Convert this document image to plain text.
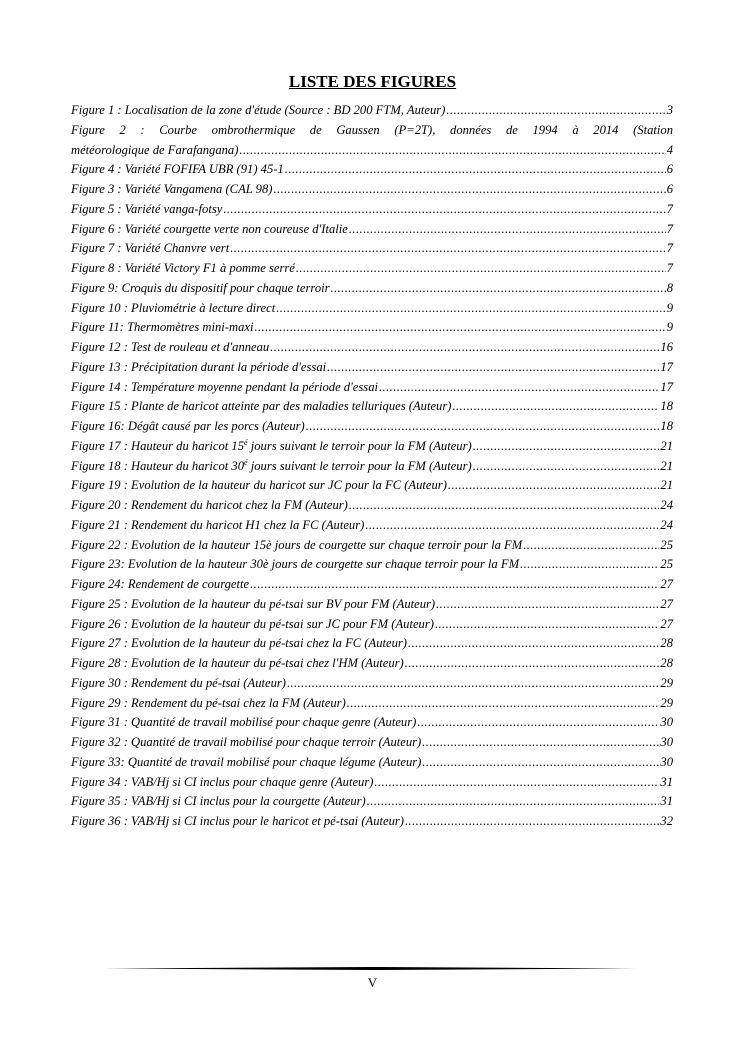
LISTE DES FIGURES
Figure 1 : Localisation de la zone d'étude (Source : BD 200 FTM, Auteur) .....	3
Figure 2 : Courbe ombrothermique de Gaussen (P=2T), données de 1994 à 2014 (Station
météorologique de Farafangana) .....	4
Figure 4 : Variété FOFIFA UBR (91) 45-1 .....	6
Figure 3 : Variété Vangamena (CAL 98) .....	6
Figure 5 : Variété vanga-fotsy .....	7
Figure 6 : Variété courgette verte non coureuse d'Italie .....	7
Figure 7 : Variété Chanvre vert .....	7
Figure 8 : Variété Victory F1 à pomme serré .....	7
Figure 9: Croquis du dispositif pour chaque terroir .....	8
Figure 10 : Pluviométrie à lecture direct .....	9
Figure 11: Thermomètres mini-maxi .....	9
Figure 12 : Test de rouleau et d'anneau .....	16
Figure 13 : Précipitation durant la période d'essai .....	17
Figure 14 : Température moyenne pendant la période d'essai .....	17
Figure 15 : Plante de haricot atteinte par des maladies telluriques (Auteur) .....	18
Figure 16: Dégât causé par les porcs (Auteur) .....	18
Figure 17 : Hauteur du haricot $15^é$ jours suivant le terroir pour la FM (Auteur) .....	21
Figure 18 : Hauteur du haricot $30^é$ jours suivant le terroir pour la FM (Auteur) .....	21
Figure 19 : Evolution de la hauteur du haricot sur JC pour la FC (Auteur) .....	21
Figure 20 : Rendement du haricot chez la FM (Auteur) .....	24
Figure 21 : Rendement du haricot H1 chez la FC (Auteur) .....	24
Figure 22 : Evolution de la hauteur 15è jours de courgette sur chaque terroir pour la FM .....	25
Figure 23: Evolution de la hauteur 30è jours de courgette sur chaque terroir pour la FM .....	25
Figure 24: Rendement de courgette .....	27
Figure 25 : Evolution de la hauteur du pé-tsai sur BV pour FM (Auteur) .....	27
Figure 26 : Evolution de la hauteur du pé-tsai sur JC pour FM (Auteur) .....	27
Figure 27 : Evolution de la hauteur du pé-tsai chez la FC (Auteur) .....	28
Figure 28 : Evolution de la hauteur du pé-tsai chez l'HM (Auteur) .....	28
Figure 30 : Rendement du pé-tsai (Auteur) .....	29
Figure 29 : Rendement du pé-tsai chez la FM (Auteur) .....	29
Figure 31 : Quantité de travail mobilisé pour chaque genre (Auteur) .....	30
Figure 32 : Quantité de travail mobilisé pour chaque terroir (Auteur) .....	30
Figure 33: Quantité de travail mobilisé pour chaque légume (Auteur) .....	30
Figure 34 : VAB/Hj si CI inclus pour chaque genre (Auteur) .....	31
Figure 35 : VAB/Hj si CI inclus pour la courgette (Auteur) .....	31
Figure 36 : VAB/Hj si CI inclus pour le haricot et pé-tsai (Auteur) .....	32
V
